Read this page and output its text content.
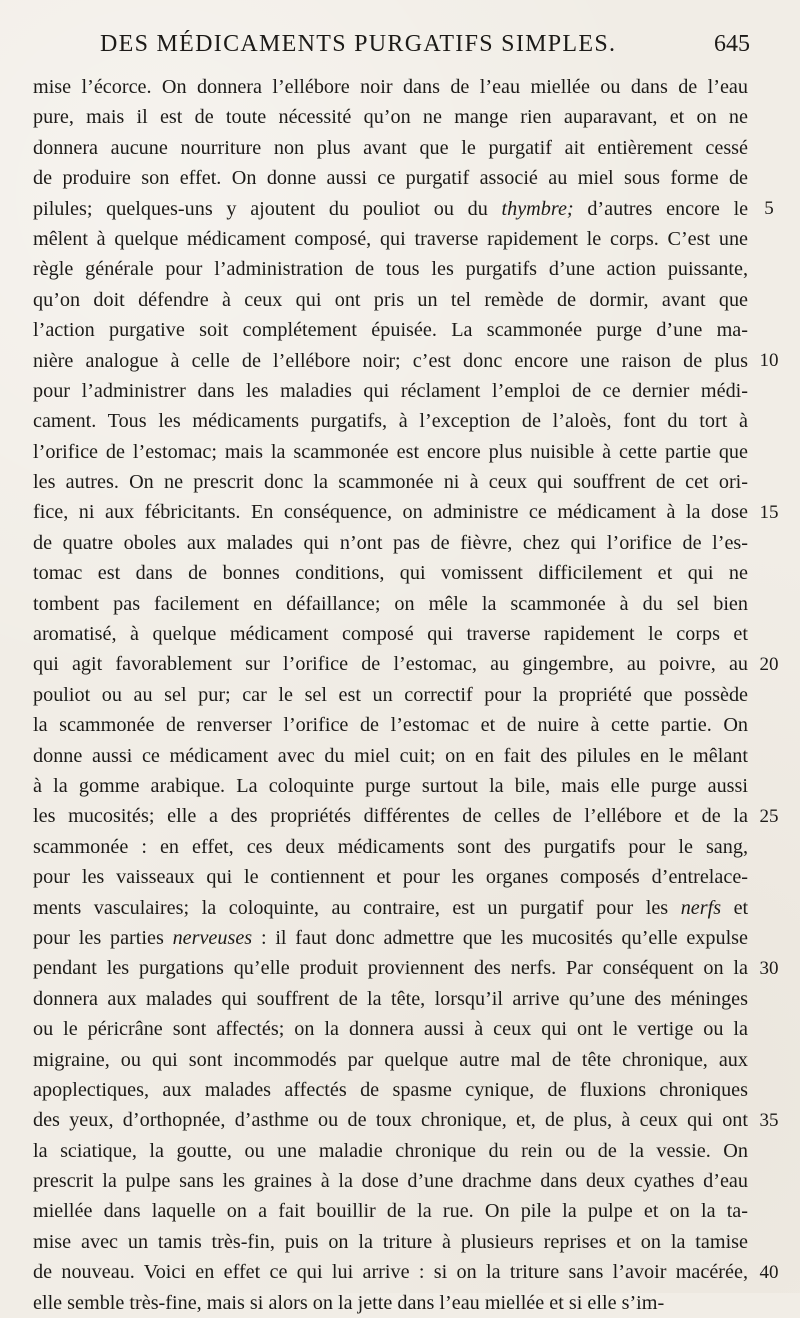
DES MÉDICAMENTS PURGATIFS SIMPLES.	645
mise l’écorce. On donnera l’ellébore noir dans de l’eau miellée ou dans de l’eau
pure, mais il est de toute nécessité qu’on ne mange rien auparavant, et on ne
donnera aucune nourriture non plus avant que le purgatif ait entièrement cessé
de produire son effet. On donne aussi ce purgatif associé au miel sous forme de
pilules; quelques-uns y ajoutent du pouliot ou du thymbre; d’autres encore le
mêlent à quelque médicament composé, qui traverse rapidement le corps. C’est une
règle générale pour l’administration de tous les purgatifs d’une action puissante,
qu’on doit défendre à ceux qui ont pris un tel remède de dormir, avant que
l’action purgative soit complétement épuisée. La scammonée purge d’une ma-
nière analogue à celle de l’ellébore noir; c’est donc encore une raison de plus
pour l’administrer dans les maladies qui réclament l’emploi de ce dernier médi-
cament. Tous les médicaments purgatifs, à l’exception de l’aloès, font du tort à
l’orifice de l’estomac; mais la scammonée est encore plus nuisible à cette partie que
les autres. On ne prescrit donc la scammonée ni à ceux qui souffrent de cet ori-
fice, ni aux fébricitants. En conséquence, on administre ce médicament à la dose
de quatre oboles aux malades qui n’ont pas de fièvre, chez qui l’orifice de l’es-
tomac est dans de bonnes conditions, qui vomissent difficilement et qui ne
tombent pas facilement en défaillance; on mêle la scammonée à du sel bien
aromatisé, à quelque médicament composé qui traverse rapidement le corps et
qui agit favorablement sur l’orifice de l’estomac, au gingembre, au poivre, au
pouliot ou au sel pur; car le sel est un correctif pour la propriété que possède
la scammonée de renverser l’orifice de l’estomac et de nuire à cette partie. On
donne aussi ce médicament avec du miel cuit; on en fait des pilules en le mêlant
à la gomme arabique. La coloquinte purge surtout la bile, mais elle purge aussi
les mucosités; elle a des propriétés différentes de celles de l’ellébore et de la
scammonée : en effet, ces deux médicaments sont des purgatifs pour le sang,
pour les vaisseaux qui le contiennent et pour les organes composés d’entrelace-
ments vasculaires; la coloquinte, au contraire, est un purgatif pour les nerfs et
pour les parties nerveuses : il faut donc admettre que les mucosités qu’elle expulse
pendant les purgations qu’elle produit proviennent des nerfs. Par conséquent on la
donnera aux malades qui souffrent de la tête, lorsqu’il arrive qu’une des méninges
ou le péricrâne sont affectés; on la donnera aussi à ceux qui ont le vertige ou la
migraine, ou qui sont incommodés par quelque autre mal de tête chronique, aux
apoplectiques, aux malades affectés de spasme cynique, de fluxions chroniques
des yeux, d’orthopnée, d’asthme ou de toux chronique, et, de plus, à ceux qui ont
la sciatique, la goutte, ou une maladie chronique du rein ou de la vessie. On
prescrit la pulpe sans les graines à la dose d’une drachme dans deux cyathes d’eau
miellée dans laquelle on a fait bouillir de la rue. On pile la pulpe et on la ta-
mise avec un tamis très-fin, puis on la triture à plusieurs reprises et on la tamise
de nouveau. Voici en effet ce qui lui arrive : si on la triture sans l’avoir macérée,
elle semble très-fine, mais si alors on la jette dans l’eau miellée et si elle s’im-
5
10
15
20
25
30
35
40
